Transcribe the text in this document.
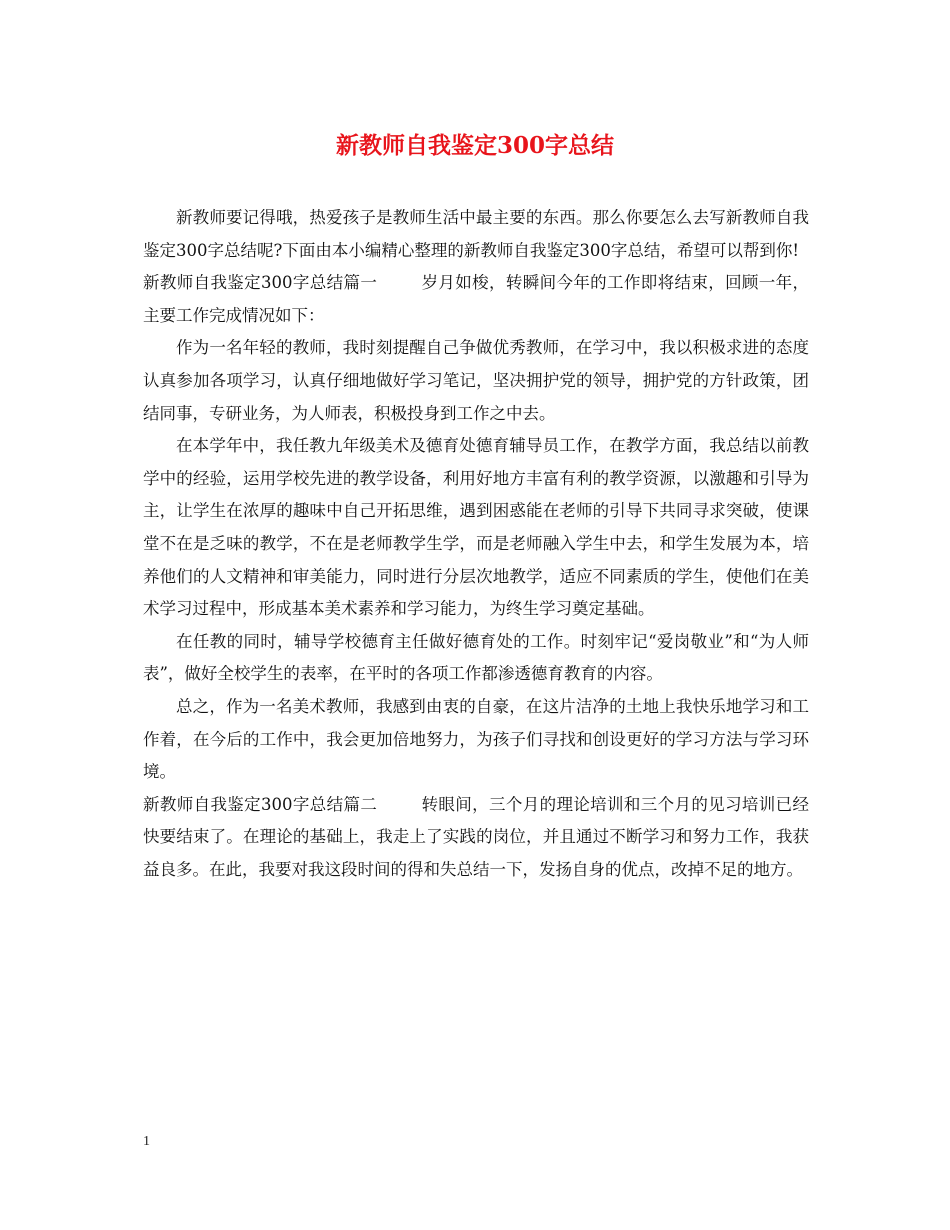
新教师自我鉴定300字总结

新教师要记得哦，热爱孩子是教师生活中最主要的东西。那么你要怎么去写新教师自我鉴定300字总结呢?下面由本小编精心整理的新教师自我鉴定300字总结，希望可以帮到你!

新教师自我鉴定300字总结篇一	岁月如梭，转瞬间今年的工作即将结束，回顾一年，主要工作完成情况如下：

作为一名年轻的教师，我时刻提醒自己争做优秀教师，在学习中，我以积极求进的态度认真参加各项学习，认真仔细地做好学习笔记，坚决拥护党的领导，拥护党的方针政策，团结同事，专研业务，为人师表，积极投身到工作之中去。

在本学年中，我任教九年级美术及德育处德育辅导员工作，在教学方面，我总结以前教学中的经验，运用学校先进的教学设备，利用好地方丰富有利的教学资源，以激趣和引导为主，让学生在浓厚的趣味中自己开拓思维，遇到困惑能在老师的引导下共同寻求突破，使课堂不在是乏味的教学，不在是老师教学生学，而是老师融入学生中去，和学生发展为本，培养他们的人文精神和审美能力，同时进行分层次地教学，适应不同素质的学生，使他们在美术学习过程中，形成基本美术素养和学习能力，为终生学习奠定基础。

在任教的同时，辅导学校德育主任做好德育处的工作。时刻牢记“爱岗敬业”和“为人师表”，做好全校学生的表率，在平时的各项工作都渗透德育教育的内容。

总之，作为一名美术教师，我感到由衷的自豪，在这片洁净的土地上我快乐地学习和工作着，在今后的工作中，我会更加倍地努力，为孩子们寻找和创设更好的学习方法与学习环境。

新教师自我鉴定300字总结篇二	转眼间，三个月的理论培训和三个月的见习培训已经快要结束了。在理论的基础上，我走上了实践的岗位，并且通过不断学习和努力工作，我获益良多。在此，我要对我这段时间的得和失总结一下，发扬自身的优点，改掉不足的地方。

1
